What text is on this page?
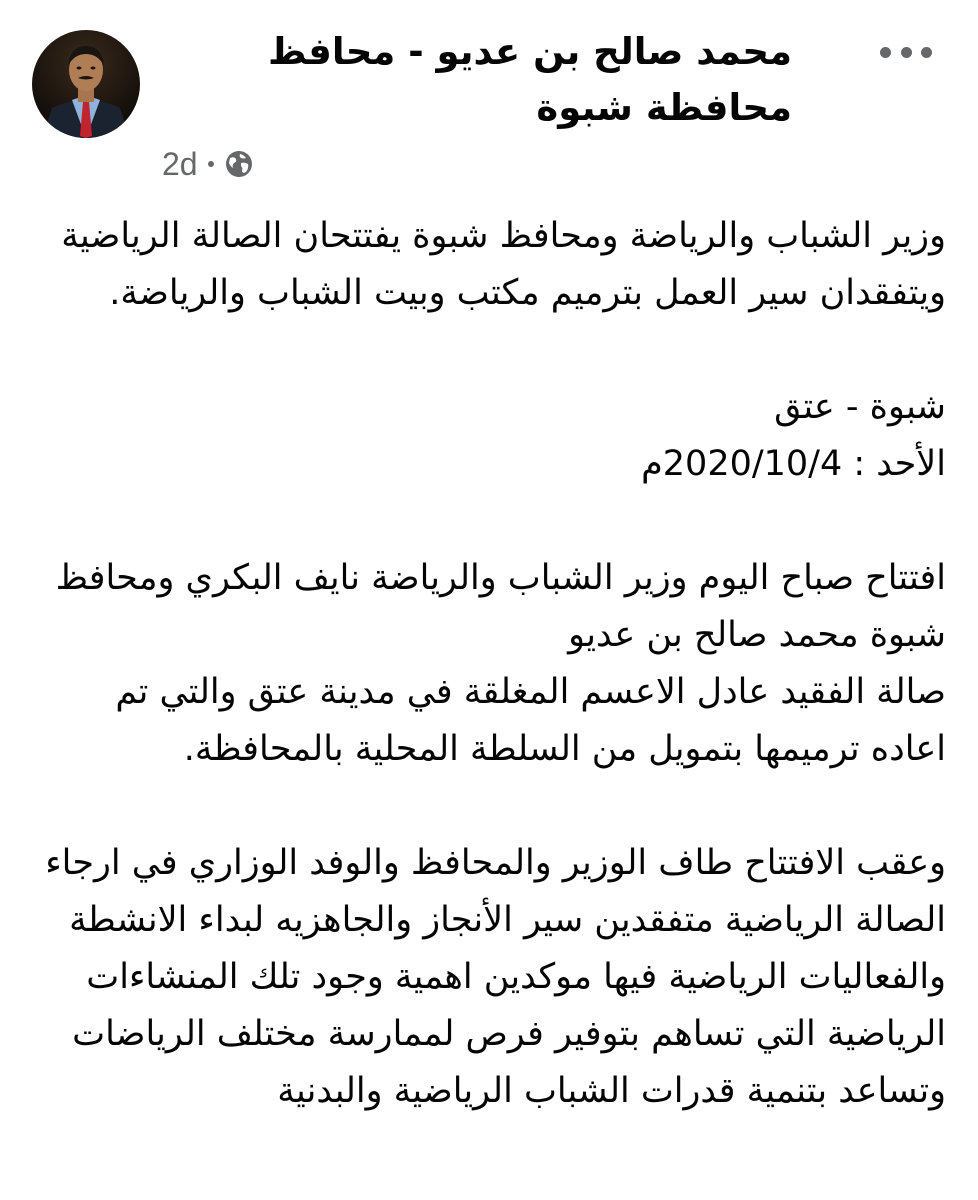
محمد صالح بن عديو - محافظ محافظة شبوة
2d

وزير الشباب والرياضة ومحافظ شبوة يفتتحان الصالة الرياضية ويتفقدان سير العمل بترميم مكتب وبيت الشباب والرياضة.

شبوة - عتق
الأحد : 2020/10/4م

افتتاح صباح اليوم وزير الشباب والرياضة نايف البكري ومحافظ شبوة محمد صالح بن عديو
صالة الفقيد عادل الاعسم المغلقة في مدينة عتق والتي تم اعاده ترميمها بتمويل من السلطة المحلية بالمحافظة.

وعقب الافتتاح طاف الوزير والمحافظ والوفد الوزاري في ارجاء الصالة الرياضية متفقدين سير الأنجاز والجاهزيه لبداء الانشطة والفعاليات الرياضية فيها موكدين اهمية وجود تلك المنشاءات الرياضية التي تساهم بتوفير فرص لممارسة مختلف الرياضات وتساعد بتنمية قدرات الشباب الرياضية والبدنية
